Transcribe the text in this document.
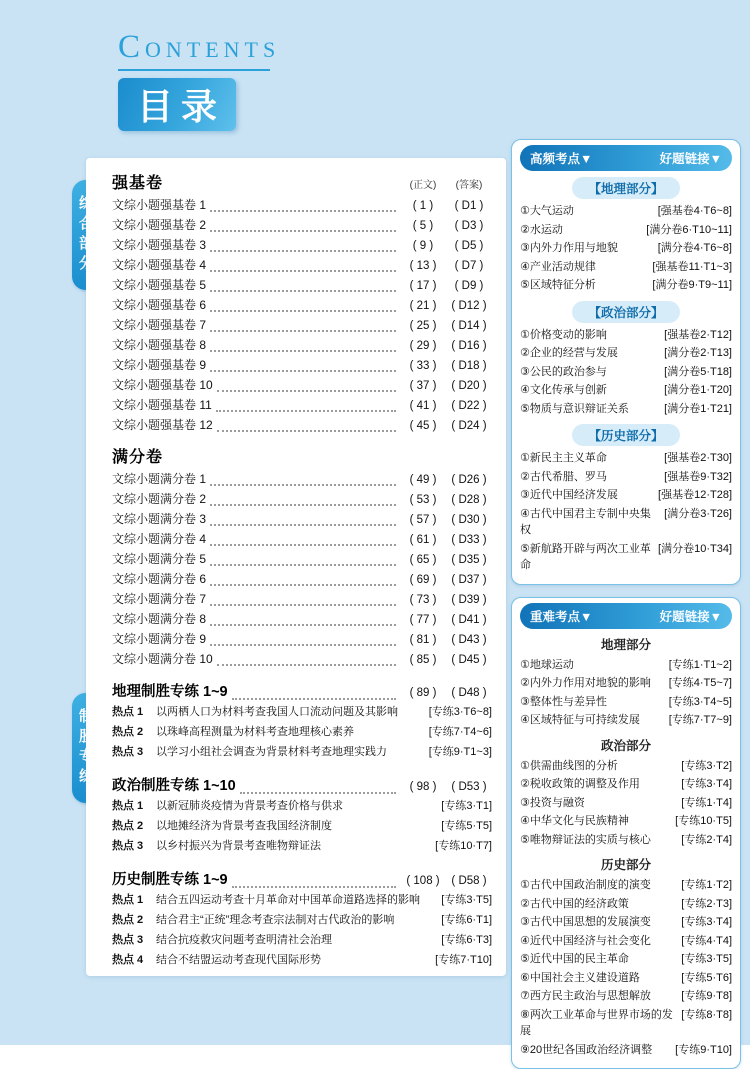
CONTENTS
目录
强基卷	(正文) (答案)
文综小题强基卷 1	( 1 )	( D1 )
文综小题强基卷 2	( 5 )	( D3 )
文综小题强基卷 3	( 9 )	( D5 )
文综小题强基卷 4	( 13 )	( D7 )
文综小题强基卷 5	( 17 )	( D9 )
文综小题强基卷 6	( 21 )	( D12 )
文综小题强基卷 7	( 25 )	( D14 )
文综小题强基卷 8	( 29 )	( D16 )
文综小题强基卷 9	( 33 )	( D18 )
文综小题强基卷 10	( 37 )	( D20 )
文综小题强基卷 11	( 41 )	( D22 )
文综小题强基卷 12	( 45 )	( D24 )
满分卷
文综小题满分卷 1	( 49 )	( D26 )
文综小题满分卷 2	( 53 )	( D28 )
文综小题满分卷 3	( 57 )	( D30 )
文综小题满分卷 4	( 61 )	( D33 )
文综小题满分卷 5	( 65 )	( D35 )
文综小题满分卷 6	( 69 )	( D37 )
文综小题满分卷 7	( 73 )	( D39 )
文综小题满分卷 8	( 77 )	( D41 )
文综小题满分卷 9	( 81 )	( D43 )
文综小题满分卷 10	( 85 )	( D45 )
地理制胜专练 1~9	( 89 )	( D48 )
热点 1	以两栖人口为材料考查我国人口流动问题及其影响	[专练3·T6~8]
热点 2	以珠峰高程测量为材料考查地理核心素养	[专练7·T4~6]
热点 3	以学习小组社会调查为背景材料考查地理实践力	[专练9·T1~3]
政治制胜专练 1~10	( 98 )	( D53 )
热点 1	以新冠肺炎疫情为背景考查价格与供求	[专练3·T1]
热点 2	以地摊经济为背景考查我国经济制度	[专练5·T5]
热点 3	以乡村振兴为背景考查唯物辩证法	[专练10·T7]
历史制胜专练 1~9	( 108 )	( D58 )
热点 1	结合五四运动考查十月革命对中国革命道路选择的影响	[专练3·T5]
热点 2	结合君主“正统”理念考查宗法制对古代政治的影响	[专练6·T1]
热点 3	结合抗疫救灾问题考查明清社会治理	[专练6·T3]
热点 4	结合不结盟运动考查现代国际形势	[专练7·T10]
高频考点▼	好题链接▼
【地理部分】
①大气运动	[强基卷4·T6~8]
②水运动	[满分卷6·T10~11]
③内外力作用与地貌	[满分卷4·T6~8]
④产业活动规律	[强基卷11·T1~3]
⑤区域特征分析	[满分卷9·T9~11]
【政治部分】
①价格变动的影响	[强基卷2·T12]
②企业的经营与发展	[满分卷2·T13]
③公民的政治参与	[满分卷5·T18]
④文化传承与创新	[满分卷1·T20]
⑤物质与意识辩证关系	[满分卷1·T21]
【历史部分】
①新民主主义革命	[强基卷2·T30]
②古代希腊、罗马	[强基卷9·T32]
③近代中国经济发展	[强基卷12·T28]
④古代中国君主专制中央集权
[满分卷3·T26]
⑤新航路开辟与两次工业革命
[满分卷10·T34]
重难考点▼	好题链接▼
地理部分
①地球运动	[专练1·T1~2]
②内外力作用对地貌的影响	[专练4·T5~7]
③整体性与差异性	[专练3·T4~5]
④区域特征与可持续发展	[专练7·T7~9]
政治部分
①供需曲线图的分析	[专练3·T2]
②税收政策的调整及作用	[专练3·T4]
③投资与融资	[专练1·T4]
④中华文化与民族精神	[专练10·T5]
⑤唯物辩证法的实质与核心	[专练2·T4]
历史部分
①古代中国政治制度的演变	[专练1·T2]
②古代中国的经济政策	[专练2·T3]
③古代中国思想的发展演变	[专练3·T4]
④近代中国经济与社会变化	[专练4·T4]
⑤近代中国的民主革命	[专练3·T5]
⑥中国社会主义建设道路	[专练5·T6]
⑦西方民主政治与思想解放	[专练9·T8]
⑧两次工业革命与世界市场的发展
[专练8·T8]
⑨20世纪各国政治经济调整	[专练9·T10]
